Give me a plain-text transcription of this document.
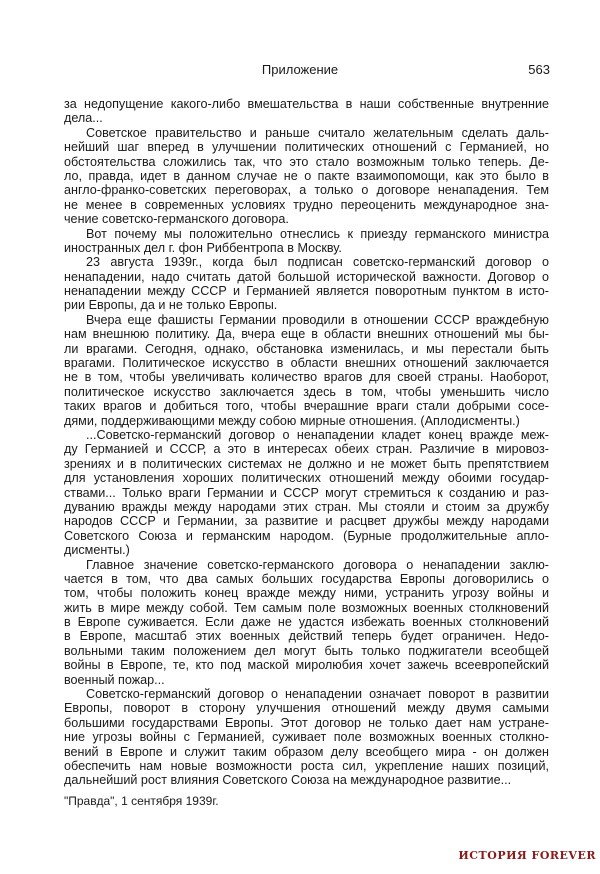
Приложение	563
за недопущение какого-либо вмешательства в наши собственные внутренние
дела...
Советское правительство и раньше считало желательным сделать даль-
нейший шаг вперед в улучшении политических отношений с Германией, но
обстоятельства сложились так, что это стало возможным только теперь. Де-
ло, правда, идет в данном случае не о пакте взаимопомощи, как это было в
англо-франко-советских переговорах, а только о договоре ненападения. Тем
не менее в современных условиях трудно переоценить международное зна-
чение советско-германского договора.
Вот почему мы положительно отнеслись к приезду германского министра
иностранных дел г. фон Риббентропа в Москву.
23 августа 1939г., когда был подписан советско-германский договор о
ненападении, надо считать датой большой исторической важности. Договор о
ненападении между СССР и Германией является поворотным пунктом в исто-
рии Европы, да и не только Европы.
Вчера еще фашисты Германии проводили в отношении СССР враждебную
нам внешнюю политику. Да, вчера еще в области внешних отношений мы бы-
ли врагами. Сегодня, однако, обстановка изменилась, и мы перестали быть
врагами. Политическое искусство в области внешних отношений заключается
не в том, чтобы увеличивать количество врагов для своей страны. Наоборот,
политическое искусство заключается здесь в том, чтобы уменьшить число
таких врагов и добиться того, чтобы вчерашние враги стали добрыми сосе-
дями, поддерживающими между собою мирные отношения. (Аплодисменты.)
...Советско-германский договор о ненападении кладет конец вражде меж-
ду Германией и СССР, а это в интересах обеих стран. Различие в мировоз-
зрениях и в политических системах не должно и не может быть препятствием
для установления хороших политических отношений между обоими государ-
ствами... Только враги Германии и СССР могут стремиться к созданию и раз-
дуванию вражды между народами этих стран. Мы стояли и стоим за дружбу
народов СССР и Германии, за развитие и расцвет дружбы между народами
Советского Союза и германским народом. (Бурные продолжительные апло-
дисменты.)
Главное значение советско-германского договора о ненападении заклю-
чается в том, что два самых больших государства Европы договорились о
том, чтобы положить конец вражде между ними, устранить угрозу войны и
жить в мире между собой. Тем самым поле возможных военных столкновений
в Европе суживается. Если даже не удастся избежать военных столкновений
в Европе, масштаб этих военных действий теперь будет ограничен. Недо-
вольными таким положением дел могут быть только поджигатели всеобщей
войны в Европе, те, кто под маской миролюбия хочет зажечь всеевропейский
военный пожар...
Советско-германский договор о ненападении означает поворот в развитии
Европы, поворот в сторону улучшения отношений между двумя самыми
большими государствами Европы. Этот договор не только дает нам устране-
ние угрозы войны с Германией, суживает поле возможных военных столкно-
вений в Европе и служит таким образом делу всеобщего мира - он должен
обеспечить нам новые возможности роста сил, укрепление наших позиций,
дальнейший рост влияния Советского Союза на международное развитие...
"Правда", 1 сентября 1939г.
ИСТОРИЯ FOREVER
